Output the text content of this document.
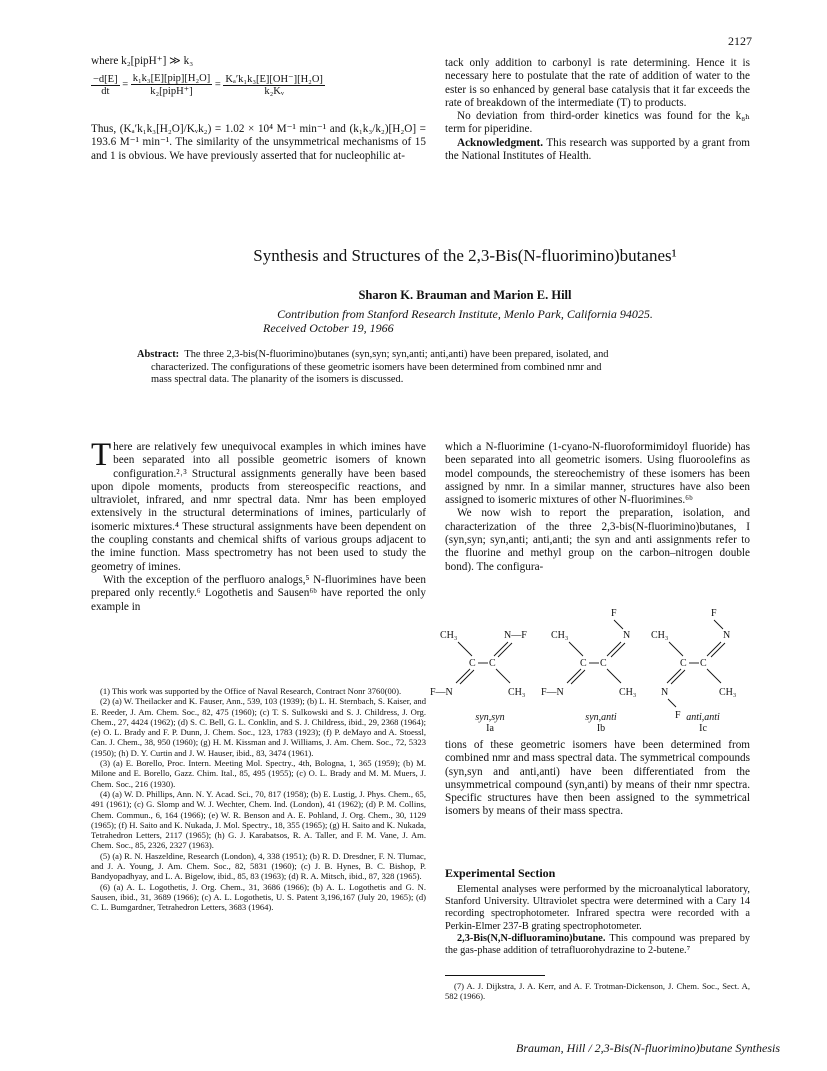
2127

where k₂[pipH⁺] ≫ k₃

$\frac{-d[E]}{dt} = \frac{\text{k₁k₃[E][pip][H₂O]}}{\text{k₂[pipH⁺]}} = \frac{\text{Kₐ′k₁k₃[E][OH⁻][H₂O]}}{\text{k₂Kᵥ}}$

Thus, (Kₐ′k₁k₃[H₂O]/Kᵥk₂) = 1.02 × 10⁴ M⁻¹ min⁻¹ and (k₁k₃/k₂)[H₂O] = 193.6 M⁻¹ min⁻¹. The similarity of the unsymmetrical mechanisms of 15 and 1 is obvious. We have previously asserted that for nucleophilic at-

tack only addition to carbonyl is rate determining. Hence it is necessary here to postulate that the rate of addition of water to the ester is so enhanced by general base catalysis that it far exceeds the rate of breakdown of the intermediate (T) to products.

No deviation from third-order kinetics was found for the k₈ₕ term for piperidine.

Acknowledgment. This research was supported by a grant from the National Institutes of Health.

Synthesis and Structures of the 2,3-Bis(N-fluorimino)butanes¹
Sharon K. Brauman and Marion E. Hill
Contribution from Stanford Research Institute, Menlo Park, California 94025.
Received October 19, 1966
Abstract: The three 2,3-bis(N-fluorimino)butanes (syn,syn; syn,anti; anti,anti) have been prepared, isolated, and
characterized. The configurations of these geometric isomers have been determined from combined nmr and
mass spectral data. The planarity of the isomers is discussed.

There are relatively few unequivocal examples in which imines have been separated into all possible geometric isomers of known configuration.²˒³ Structural assignments generally have been based upon dipole moments, products from stereospecific reactions, and ultraviolet, infrared, and nmr spectral data. Nmr has been employed extensively in the structural determinations of imines, particularly of isomeric mixtures.⁴ These structural assignments have been dependent on the coupling constants and chemical shifts of various groups adjacent to the imine function. Mass spectrometry has not been used to study the geometry of imines.

With the exception of the perfluoro analogs,⁵ N-fluorimines have been prepared only recently.⁶ Logothetis and Sausen⁶ᵇ have reported the only example in

(1) This work was supported by the Office of Naval Research, Contract Nonr 3760(00).

(2) (a) W. Theilacker and K. Fauser, Ann., 539, 103 (1939); (b) L. H. Sternbach, S. Kaiser, and E. Reeder, J. Am. Chem. Soc., 82, 475 (1960); (c) T. S. Sulkowski and S. J. Childress, J. Org. Chem., 27, 4424 (1962); (d) S. C. Bell, G. L. Conklin, and S. J. Childress, ibid., 29, 2368 (1964); (e) O. L. Brady and F. P. Dunn, J. Chem. Soc., 123, 1783 (1923); (f) P. deMayo and A. Stoessl, Can. J. Chem., 38, 950 (1960); (g) H. M. Kissman and J. Williams, J. Am. Chem. Soc., 72, 5323 (1950); (h) D. Y. Curtin and J. W. Hauser, ibid., 83, 3474 (1961).

(3) (a) E. Borello, Proc. Intern. Meeting Mol. Spectry., 4th, Bologna, 1, 365 (1959); (b) M. Milone and E. Borello, Gazz. Chim. Ital., 85, 495 (1955); (c) O. L. Brady and M. M. Muers, J. Chem. Soc., 216 (1930).

(4) (a) W. D. Phillips, Ann. N. Y. Acad. Sci., 70, 817 (1958); (b) E. Lustig, J. Phys. Chem., 65, 491 (1961); (c) G. Slomp and W. J. Wechter, Chem. Ind. (London), 41 (1962); (d) P. M. Collins, Chem. Commun., 6, 164 (1966); (e) W. R. Benson and A. E. Pohland, J. Org. Chem., 30, 1129 (1965); (f) H. Saito and K. Nukada, J. Mol. Spectry., 18, 355 (1965); (g) H. Saito and K. Nukada, Tetrahedron Letters, 2117 (1965); (h) G. J. Karabatsos, R. A. Taller, and F. M. Vane, J. Am. Chem. Soc., 85, 2326, 2327 (1963).

(5) (a) R. N. Haszeldine, Research (London), 4, 338 (1951); (b) R. D. Dresdner, F. N. Tlumac, and J. A. Young, J. Am. Chem. Soc., 82, 5831 (1960); (c) J. B. Hynes, B. C. Bishop, P. Bandyopadhyay, and L. A. Bigelow, ibid., 85, 83 (1963); (d) R. A. Mitsch, ibid., 87, 328 (1965).

(6) (a) A. L. Logothetis, J. Org. Chem., 31, 3686 (1966); (b) A. L. Logothetis and G. N. Sausen, ibid., 31, 3689 (1966); (c) A. L. Logothetis, U. S. Patent 3,196,167 (July 20, 1965); (d) C. L. Bumgardner, Tetrahedron Letters, 3683 (1964).

which a N-fluorimine (1-cyano-N-fluoroformimidoyl fluoride) has been separated into all geometric isomers. Using fluoroolefins as model compounds, the stereochemistry of these isomers has been assigned by nmr. In a similar manner, structures have also been assigned to isomeric mixtures of other N-fluorimines.⁶ᵇ

We now wish to report the preparation, isolation, and characterization of the three 2,3-bis(N-fluorimino)butanes, I (syn,syn; syn,anti; anti,anti; the syn and anti assignments refer to the fluorine and methyl group on the carbon–nitrogen double bond). The configura-

CH₃	N—F
C C
F—N	CH₃
F
CH₃	N
C C
F—N	CH₃
F
CH₃	N
C C
N
F
CH₃
syn,syn
Ia
syn,anti
Ib
anti,anti
Ic

tions of these geometric isomers have been determined from combined nmr and mass spectral data. The symmetrical compounds (syn,syn and anti,anti) have been differentiated from the unsymmetrical compound (syn,anti) by means of their nmr spectra. Specific structures have then been assigned to the symmetrical isomers by means of their mass spectra.

Experimental Section

Elemental analyses were performed by the microanalytical laboratory, Stanford University. Ultraviolet spectra were determined with a Cary 14 recording spectrophotometer. Infrared spectra were recorded with a Perkin-Elmer 237-B grating spectrophotometer.

2,3-Bis(N,N-difluoramino)butane. This compound was prepared by the gas-phase addition of tetrafluorohydrazine to 2-butene.⁷

(7) A. J. Dijkstra, J. A. Kerr, and A. F. Trotman-Dickenson, J. Chem. Soc., Sect. A, 582 (1966).

Brauman, Hill / 2,3-Bis(N-fluorimino)butane Synthesis
